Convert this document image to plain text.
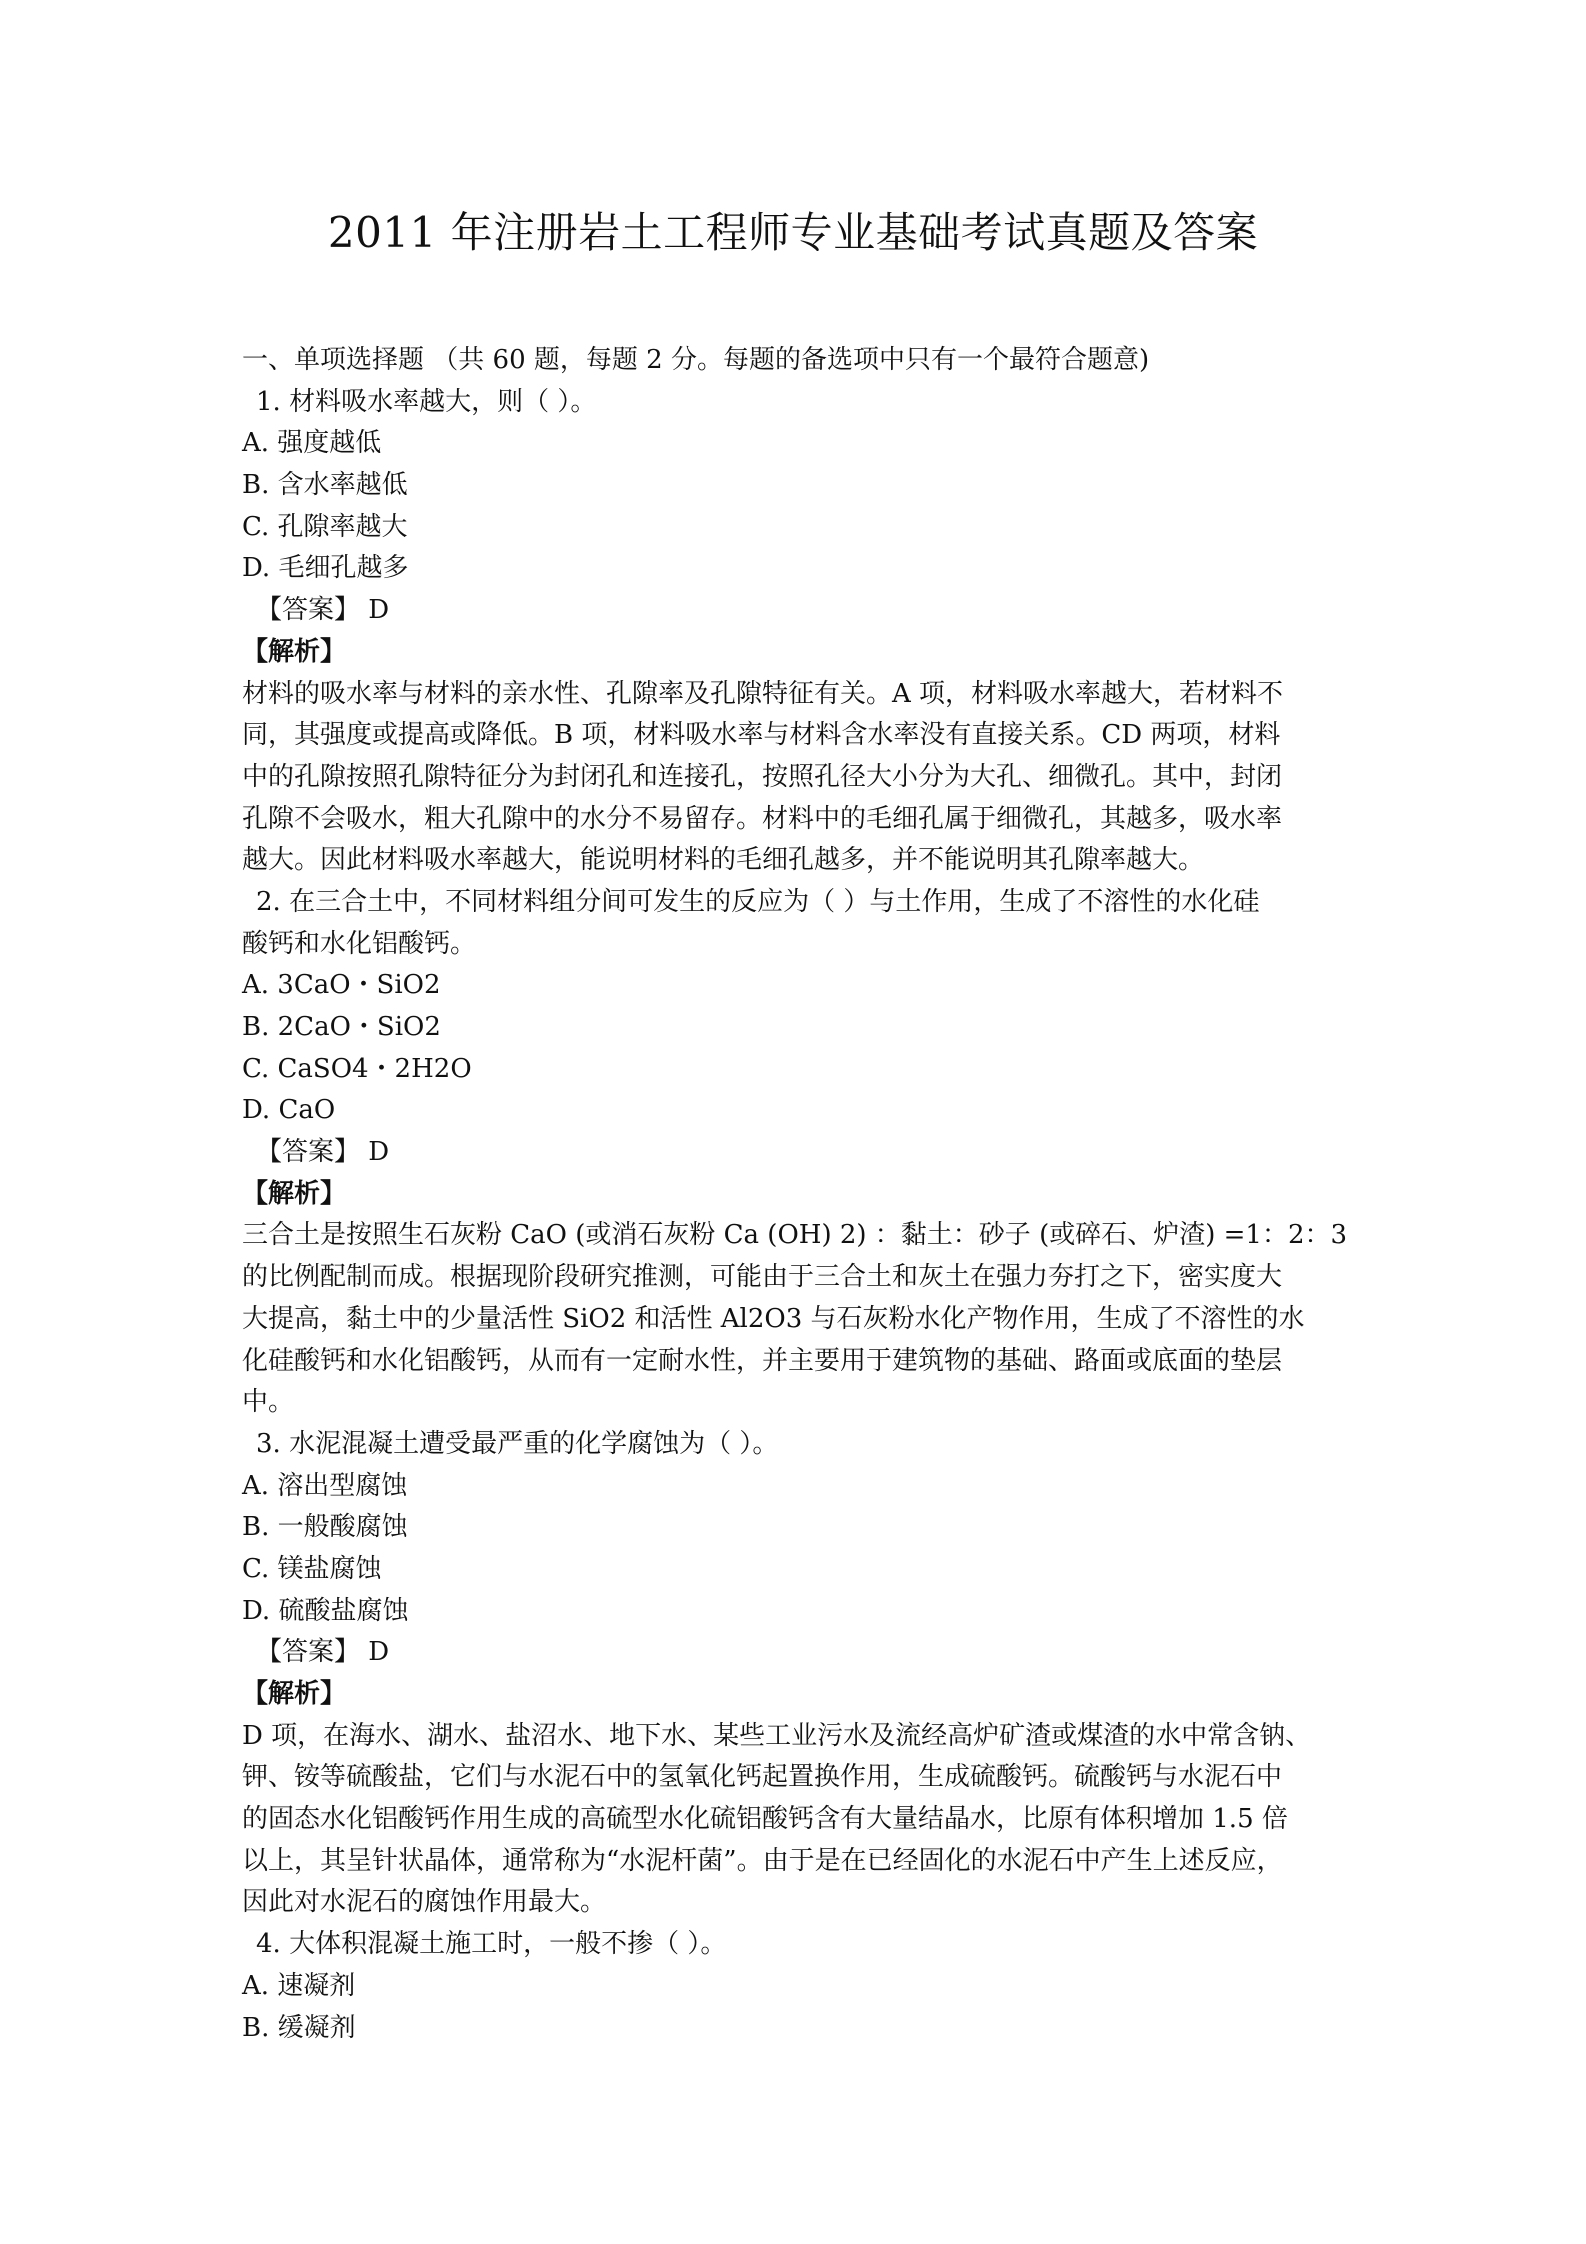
2011 年注册岩土工程师专业基础考试真题及答案
一、单项选择题 （共 60 题，每题 2 分。每题的备选项中只有一个最符合题意)
1. 材料吸水率越大，则（ ）。
A. 强度越低
B. 含水率越低
C. 孔隙率越大
D. 毛细孔越多
【答案】 D
【解析】
材料的吸水率与材料的亲水性、孔隙率及孔隙特征有关。A 项，材料吸水率越大，若材料不
同，其强度或提高或降低。B 项，材料吸水率与材料含水率没有直接关系。CD 两项，材料
中的孔隙按照孔隙特征分为封闭孔和连接孔，按照孔径大小分为大孔、细微孔。其中，封闭
孔隙不会吸水，粗大孔隙中的水分不易留存。材料中的毛细孔属于细微孔，其越多，吸水率
越大。因此材料吸水率越大，能说明材料的毛细孔越多，并不能说明其孔隙率越大。
2. 在三合土中，不同材料组分间可发生的反应为（ ）与土作用，生成了不溶性的水化硅
酸钙和水化铝酸钙。
A. 3CaO・SiO2
B. 2CaO・SiO2
C. CaSO4・2H2O
D. CaO
【答案】 D
【解析】
三合土是按照生石灰粉 CaO (或消石灰粉 Ca (OH) 2) ：黏土：砂子 (或碎石、炉渣) =1：2：3
的比例配制而成。根据现阶段研究推测，可能由于三合土和灰土在强力夯打之下，密实度大
大提高，黏土中的少量活性 SiO2 和活性 Al2O3 与石灰粉水化产物作用，生成了不溶性的水
化硅酸钙和水化铝酸钙，从而有一定耐水性，并主要用于建筑物的基础、路面或底面的垫层
中。
3. 水泥混凝土遭受最严重的化学腐蚀为（ ）。
A. 溶出型腐蚀
B. 一般酸腐蚀
C. 镁盐腐蚀
D. 硫酸盐腐蚀
【答案】 D
【解析】
D 项，在海水、湖水、盐沼水、地下水、某些工业污水及流经高炉矿渣或煤渣的水中常含钠、
钾、铵等硫酸盐，它们与水泥石中的氢氧化钙起置换作用，生成硫酸钙。硫酸钙与水泥石中
的固态水化铝酸钙作用生成的高硫型水化硫铝酸钙含有大量结晶水，比原有体积增加 1.5 倍
以上，其呈针状晶体，通常称为“水泥杆菌”。由于是在已经固化的水泥石中产生上述反应，
因此对水泥石的腐蚀作用最大。
4. 大体积混凝土施工时，一般不掺（ ）。
A. 速凝剂
B. 缓凝剂
